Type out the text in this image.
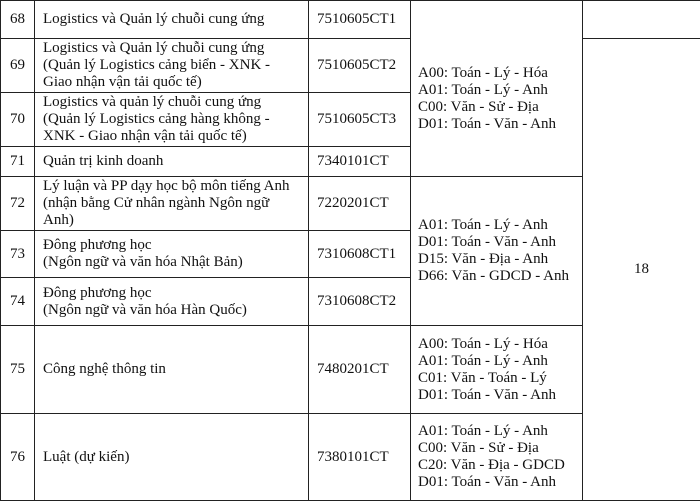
68	Logistics và Quản lý chuỗi cung ứng	7510605CT1	A00: Toán - Lý - Hóa
A01: Toán - Lý - Anh
C00: Văn - Sử - Địa
D01: Toán - Văn - Anh		

69	Logistics và Quản lý chuỗi cung ứng
(Quản lý Logistics cảng biển - XNK -
Giao nhận vận tải quốc tế)	7510605CT2		18	
70	Logistics và quản lý chuỗi cung ứng
(Quản lý Logistics cảng hàng không -
XNK - Giao nhận vận tải quốc tế)	7510605CT3			
71	Quản trị kinh doanh	7340101CT			
72	Lý luận và PP dạy học bộ môn tiếng Anh
(nhận bằng Cử nhân ngành Ngôn ngữ
Anh)	7220201CT	A01: Toán - Lý - Anh
D01: Toán - Văn - Anh
D15: Văn - Địa - Anh
D66: Văn - GDCD - Anh		

73	Đông phương học
(Ngôn ngữ và văn hóa Nhật Bản)	7310608CT1			
74	Đông phương học
(Ngôn ngữ và văn hóa Hàn Quốc)	7310608CT2			
75	Công nghệ thông tin	7480201CT	A00: Toán - Lý - Hóa
A01: Toán - Lý - Anh
C01: Văn - Toán - Lý
D01: Toán - Văn - Anh		

76	Luật (dự kiến)	7380101CT	A01: Toán - Lý - Anh
C00: Văn - Sử - Địa
C20: Văn - Địa - GDCD
D01: Toán - Văn - Anh		
